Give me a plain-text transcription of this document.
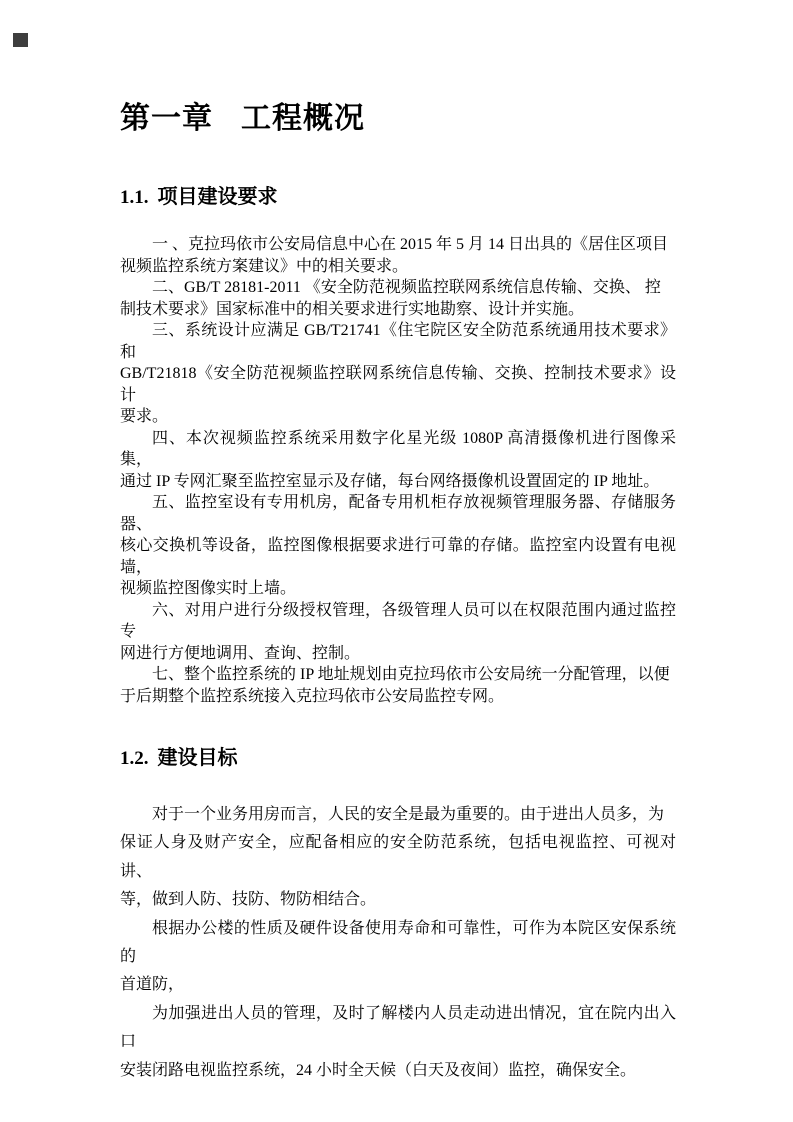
第一章 工程概况
1.1. 项目建设要求

一 、克拉玛依市公安局信息中心在 2015 年 5 月 14 日出具的《居住区项目
视频监控系统方案建议》中的相关要求。

二、GB/T 28181-2011 《安全防范视频监控联网系统信息传输、交换、 控
制技术要求》国家标准中的相关要求进行实地勘察、设计并实施。

三、系统设计应满足 GB/T21741《住宅院区安全防范系统通用技术要求》和
GB/T21818《安全防范视频监控联网系统信息传输、交换、控制技术要求》设计
要求。

四、本次视频监控系统采用数字化星光级 1080P 高清摄像机进行图像采集，
通过 IP 专网汇聚至监控室显示及存储，每台网络摄像机设置固定的 IP 地址。

五、监控室设有专用机房，配备专用机柜存放视频管理服务器、存储服务器、
核心交换机等设备，监控图像根据要求进行可靠的存储。监控室内设置有电视墙，
视频监控图像实时上墙。

六、对用户进行分级授权管理，各级管理人员可以在权限范围内通过监控专
网进行方便地调用、查询、控制。

七、整个监控系统的 IP 地址规划由克拉玛依市公安局统一分配管理，以便
于后期整个监控系统接入克拉玛依市公安局监控专网。

1.2. 建设目标

对于一个业务用房而言，人民的安全是最为重要的。由于进出人员多，为
保证人身及财产安全，应配备相应的安全防范系统，包括电视监控、可视对讲、
等，做到人防、技防、物防相结合。

根据办公楼的性质及硬件设备使用寿命和可靠性，可作为本院区安保系统的
首道防，

为加强进出人员的管理，及时了解楼内人员走动进出情况，宜在院内出入口
安装闭路电视监控系统，24 小时全天候（白天及夜间）监控，确保安全。
